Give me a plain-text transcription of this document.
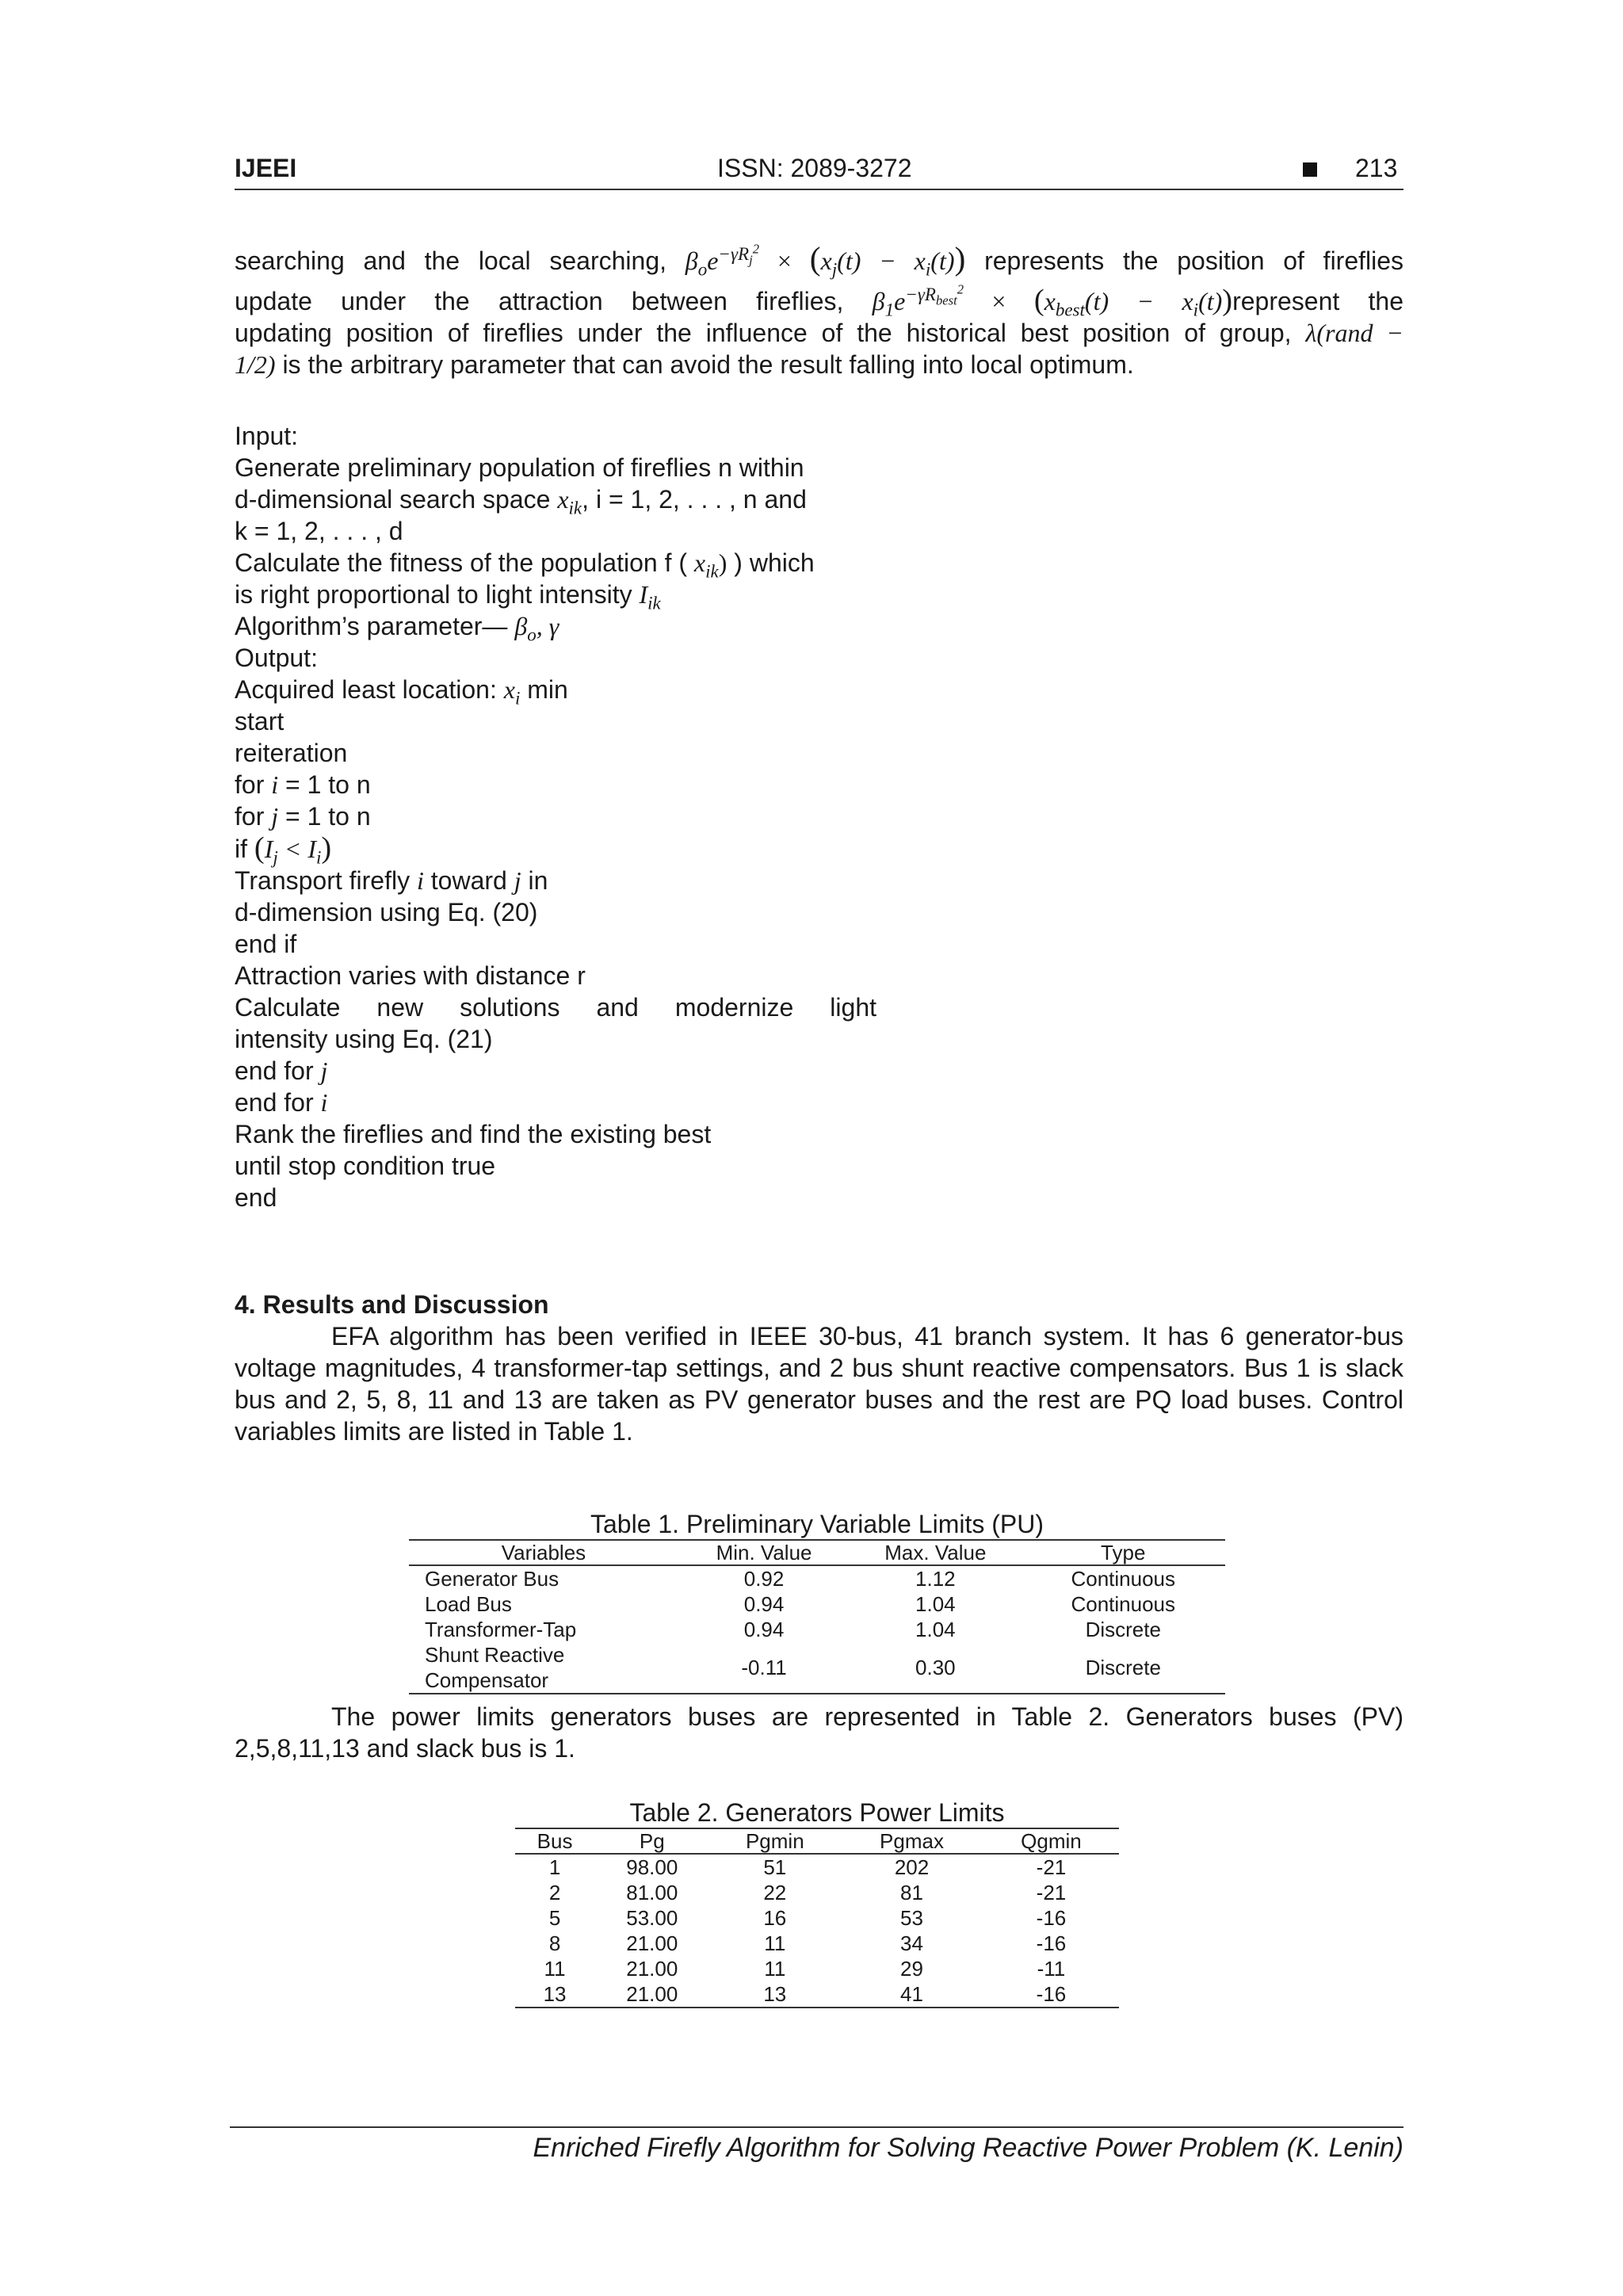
IJEEI	ISSN: 2089-3272	213

searching and the local searching, $\beta_oe^{-\gamma R_j^2} \times (x_j(t) - x_i(t))$ represents the position of fireflies

update under the attraction between fireflies, $\beta_1e^{-\gamma R_{best}^2} \times (x_{best}(t)$ − $x_i(t))represent$ the

updating position of fireflies under the influence of the historical best position of group, λ(rand −

1/2) is the arbitrary parameter that can avoid the result falling into local optimum.

Input:
Generate preliminary population of fireflies n within
d-dimensional search space $x_{ik}$, i = 1, 2, . . . , n and
k = 1, 2, . . . , d
Calculate the fitness of the population f ( $x_{ik}$) ) which
is right proportional to light intensity $I_{ik}$
Algorithm’s parameter— $\beta_o$, γ
Output:
Acquired least location: $x_i$ min
start
reiteration
for i = 1 to n
for j = 1 to n
if $(I_j < I_i)$
Transport firefly i toward j in
d-dimension using Eq. (20)
end if
Attraction varies with distance r
Calculate new solutions and modernize light
intensity using Eq. (21)
end for j
end for i
Rank the fireflies and find the existing best
until stop condition true
end
4. Results and Discussion

EFA algorithm has been verified in IEEE 30-bus, 41 branch system. It has 6 generator-bus voltage magnitudes, 4 transformer-tap settings, and 2 bus shunt reactive compensators. Bus 1 is slack bus and 2, 5, 8, 11 and 13 are taken as PV generator buses and the rest are PQ load buses. Control variables limits are listed in Table 1.

Table 1. Preliminary Variable Limits (PU)
Variables	Min. Value	Max. Value	Type
Generator Bus	0.92	1.12	Continuous
Load Bus	0.94	1.04	Continuous
Transformer-Tap	0.94	1.04	Discrete
Shunt Reactive Compensator	-0.11	0.30	Discrete

The power limits generators buses are represented in Table 2. Generators buses (PV) 2,5,8,11,13 and slack bus is 1.

Table 2. Generators Power Limits
Bus	Pg	Pgmin	Pgmax	Qgmin
1	98.00	51	202	-21
2	81.00	22	81	-21
5	53.00	16	53	-16
8	21.00	11	34	-16
11	21.00	11	29	-11
13	21.00	13	41	-16
Enriched Firefly Algorithm for Solving Reactive Power Problem (K. Lenin)
